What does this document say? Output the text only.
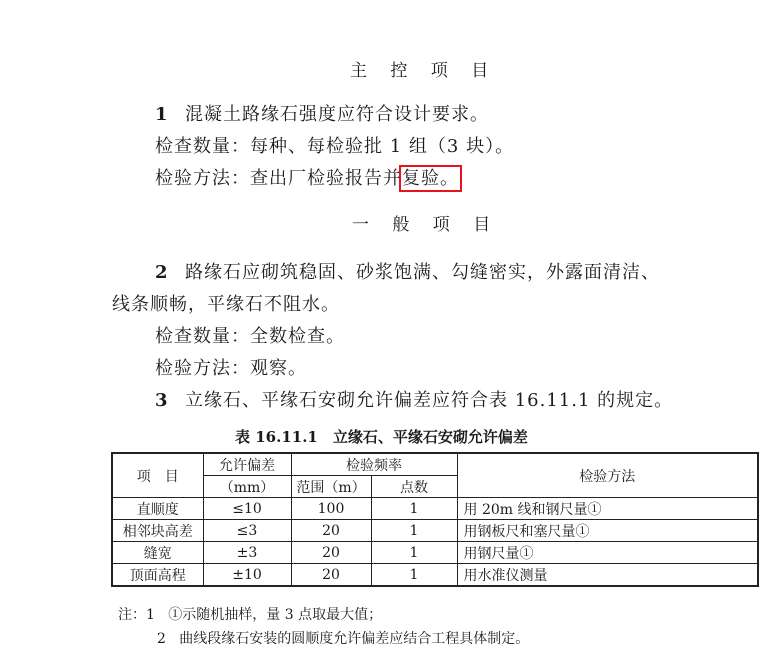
主 控 项 目
1 混凝土路缘石强度应符合设计要求。
检查数量：每种、每检验批 1 组（3 块）。
检验方法：查出厂检验报告并复验。
一 般 项 目
2 路缘石应砌筑稳固、砂浆饱满、勾缝密实，外露面清洁、
线条顺畅，平缘石不阻水。
检查数量：全数检查。
检验方法：观察。
3 立缘石、平缘石安砌允许偏差应符合表 16.11.1 的规定。
表 16.11.1　立缘石、平缘石安砌允许偏差
项　目	允许偏差	检验频率		检验方法
	（mm）	范围（m）	点数	
直顺度	≤10	100	1	用 20m 线和钢尺量①
相邻块高差	≤3	20	1	用钢板尺和塞尺量①
缝宽	±3	20	1	用钢尺量①
顶面高程	±10	20	1	用水准仪测量
注：1 ①示随机抽样，量 3 点取最大值；
2 曲线段缘石安装的圆顺度允许偏差应结合工程具体制定。
